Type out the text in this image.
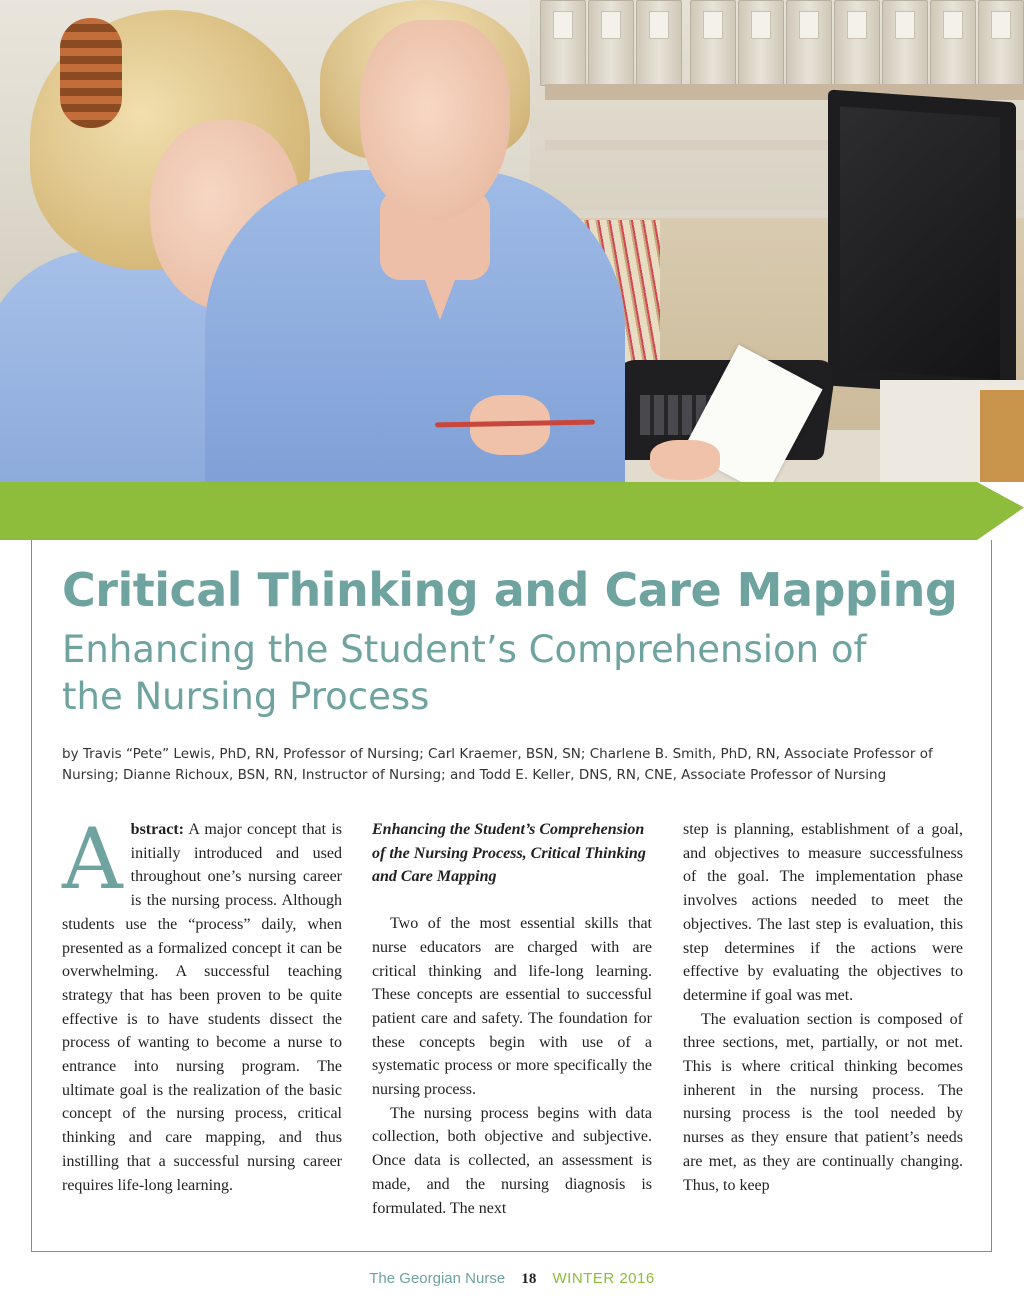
Critical Thinking and Care Mapping
Enhancing the Student’s Comprehension of the Nursing Process

by Travis “Pete” Lewis, PhD, RN, Professor of Nursing; Carl Kraemer, BSN, SN; Charlene B. Smith, PhD, RN, Associate Professor of Nursing; Dianne Richoux, BSN, RN, Instructor of Nursing; and Todd E. Keller, DNS, RN, CNE, Associate Professor of Nursing

Abstract: A major concept that is initially introduced and used throughout one’s nursing career is the nursing process. Although students use the “process” daily, when presented as a formalized concept it can be overwhelming. A successful teaching strategy that has been proven to be quite effective is to have students dissect the process of wanting to become a nurse to entrance into nursing program. The ultimate goal is the realization of the basic concept of the nursing process, critical thinking and care mapping, and thus instilling that a successful nursing career requires life-long learning.

Enhancing the Student’s Comprehension of the Nursing Process, Critical Thinking and Care Mapping

Two of the most essential skills that nurse educators are charged with are critical thinking and life-long learning. These concepts are essential to successful patient care and safety. The foundation for these concepts begin with use of a systematic process or more specifically the nursing process.

The nursing process begins with data collection, both objective and subjective. Once data is collected, an assessment is made, and the nursing diagnosis is formulated. The next

step is planning, establishment of a goal, and objectives to measure successfulness of the goal. The implementation phase involves actions needed to meet the objectives. The last step is evaluation, this step determines if the actions were effective by evaluating the objectives to determine if goal was met.

The evaluation section is composed of three sections, met, partially, or not met. This is where critical thinking becomes inherent in the nursing process. The nursing process is the tool needed by nurses as they ensure that patient’s needs are met, as they are continually changing. Thus, to keep

The Georgian Nurse 18 WINTER 2016
